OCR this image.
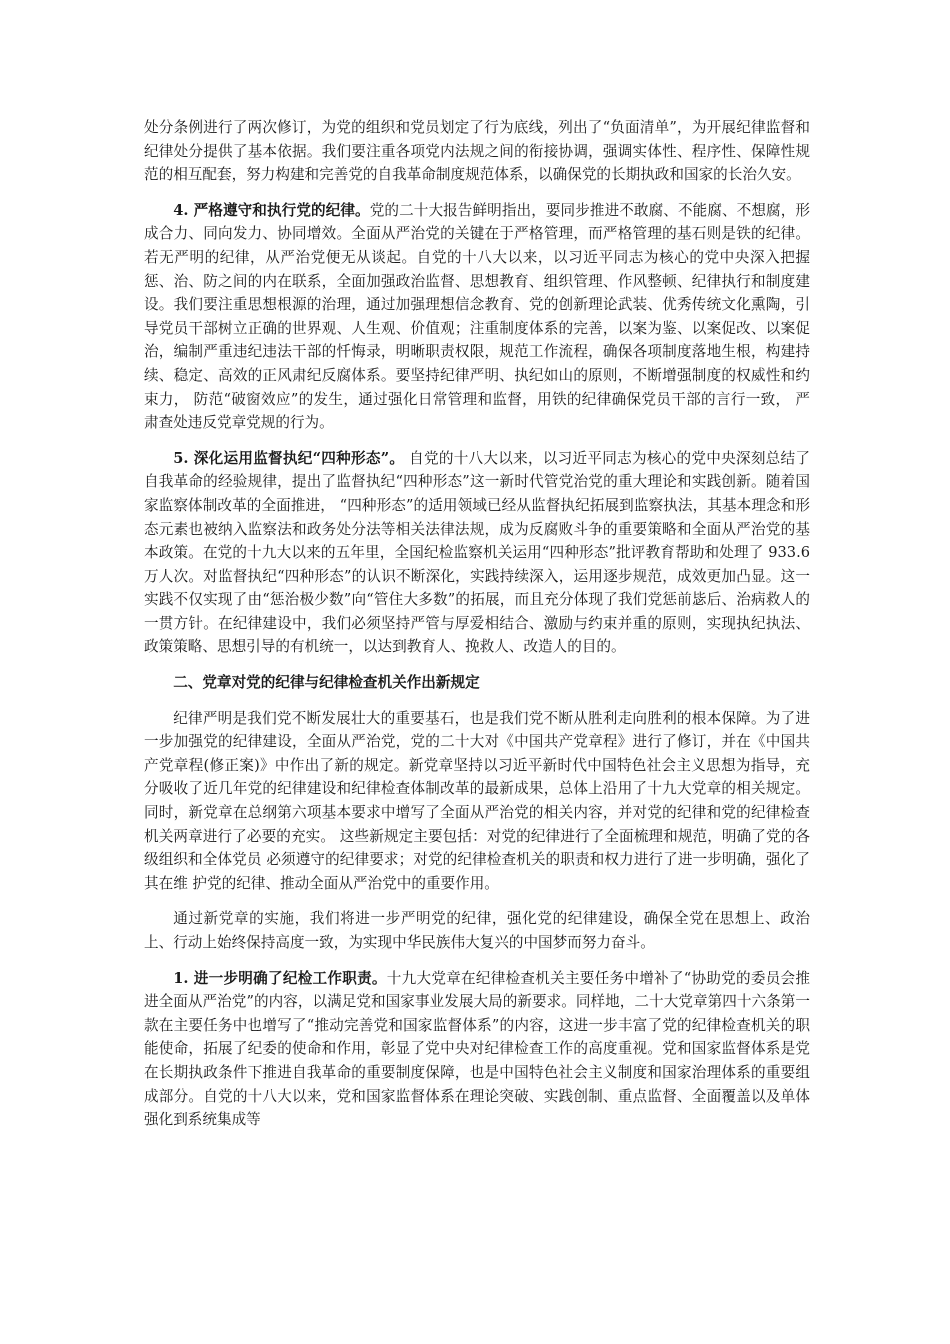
处分条例进行了两次修订，为党的组织和党员划定了行为底线，列出了“负面清单”，为开展纪律监督和纪律处分提供了基本依据。我们要注重各项党内法规之间的衔接协调，强调实体性、程序性、保障性规范的相互配套，努力构建和完善党的自我革命制度规范体系，以确保党的长期执政和国家的长治久安。

4. 严格遵守和执行党的纪律。党的二十大报告鲜明指出，要同步推进不敢腐、不能腐、不想腐，形成合力、同向发力、协同增效。全面从严治党的关键在于严格管理，而严格管理的基石则是铁的纪律。若无严明的纪律，从严治党便无从谈起。自党的十八大以来，以习近平同志为核心的党中央深入把握惩、治、防之间的内在联系，全面加强政治监督、思想教育、组织管理、作风整顿、纪律执行和制度建设。我们要注重思想根源的治理，通过加强理想信念教育、党的创新理论武装、优秀传统文化熏陶，引导党员干部树立正确的世界观、人生观、价值观；注重制度体系的完善，以案为鉴、以案促改、以案促治，编制严重违纪违法干部的忏悔录，明晰职责权限，规范工作流程，确保各项制度落地生根，构建持续、稳定、高效的正风肃纪反腐体系。要坚持纪律严明、执纪如山的原则，不断增强制度的权威性和约束力， 防范“破窗效应”的发生，通过强化日常管理和监督，用铁的纪律确保党员干部的言行一致， 严肃查处违反党章党规的行为。

5. 深化运用监督执纪“四种形态”。 自党的十八大以来，以习近平同志为核心的党中央深刻总结了自我革命的经验规律，提出了监督执纪“四种形态”这一新时代管党治党的重大理论和实践创新。随着国家监察体制改革的全面推进， “四种形态”的适用领域已经从监督执纪拓展到监察执法，其基本理念和形态元素也被纳入监察法和政务处分法等相关法律法规，成为反腐败斗争的重要策略和全面从严治党的基本政策。在党的十九大以来的五年里，全国纪检监察机关运用“四种形态”批评教育帮助和处理了 933.6 万人次。对监督执纪“四种形态”的认识不断深化，实践持续深入，运用逐步规范，成效更加凸显。这一实践不仅实现了由“惩治极少数”向“管住大多数”的拓展，而且充分体现了我们党惩前毖后、治病救人的一贯方针。在纪律建设中，我们必须坚持严管与厚爱相结合、激励与约束并重的原则，实现执纪执法、政策策略、思想引导的有机统一，以达到教育人、挽救人、改造人的目的。

二、党章对党的纪律与纪律检查机关作出新规定

纪律严明是我们党不断发展壮大的重要基石，也是我们党不断从胜利走向胜利的根本保障。为了进一步加强党的纪律建设，全面从严治党，党的二十大对《中国共产党章程》进行了修订，并在《中国共产党章程(修正案)》中作出了新的规定。新党章坚持以习近平新时代中国特色社会主义思想为指导，充分吸收了近几年党的纪律建设和纪律检查体制改革的最新成果，总体上沿用了十九大党章的相关规定。同时，新党章在总纲第六项基本要求中增写了全面从严治党的相关内容，并对党的纪律和党的纪律检查机关两章进行了必要的充实。 这些新规定主要包括：对党的纪律进行了全面梳理和规范，明确了党的各级组织和全体党员 必须遵守的纪律要求；对党的纪律检查机关的职责和权力进行了进一步明确，强化了其在维 护党的纪律、推动全面从严治党中的重要作用。

通过新党章的实施，我们将进一步严明党的纪律，强化党的纪律建设，确保全党在思想上、政治上、行动上始终保持高度一致，为实现中华民族伟大复兴的中国梦而努力奋斗。

1. 进一步明确了纪检工作职责。十九大党章在纪律检查机关主要任务中增补了“协助党的委员会推进全面从严治党”的内容，以满足党和国家事业发展大局的新要求。同样地，二十大党章第四十六条第一款在主要任务中也增写了“推动完善党和国家监督体系”的内容，这进一步丰富了党的纪律检查机关的职能使命，拓展了纪委的使命和作用，彰显了党中央对纪律检查工作的高度重视。党和国家监督体系是党在长期执政条件下推进自我革命的重要制度保障，也是中国特色社会主义制度和国家治理体系的重要组成部分。自党的十八大以来，党和国家监督体系在理论突破、实践创制、重点监督、全面覆盖以及单体强化到系统集成等
